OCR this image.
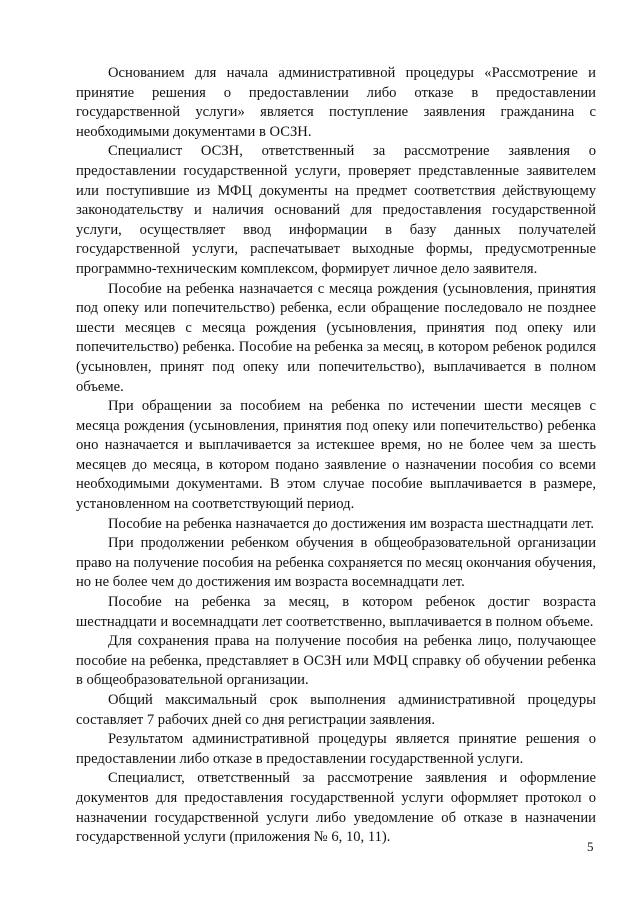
Основанием для начала административной процедуры «Рассмотрение и принятие решения о предоставлении либо отказе в предоставлении государственной услуги» является поступление заявления гражданина с необходимыми документами в ОСЗН.

Специалист ОСЗН, ответственный за рассмотрение заявления о предоставлении государственной услуги, проверяет представленные заявителем или поступившие из МФЦ документы на предмет соответствия действующему законодательству и наличия оснований для предоставления государственной услуги, осуществляет ввод информации в базу данных получателей государственной услуги, распечатывает выходные формы, предусмотренные программно-техническим комплексом, формирует личное дело заявителя.

Пособие на ребенка назначается с месяца рождения (усыновления, принятия под опеку или попечительство) ребенка, если обращение последовало не позднее шести месяцев с месяца рождения (усыновления, принятия под опеку или попечительство) ребенка. Пособие на ребенка за месяц, в котором ребенок родился (усыновлен, принят под опеку или попечительство), выплачивается в полном объеме.

При обращении за пособием на ребенка по истечении шести месяцев с месяца рождения (усыновления, принятия под опеку или попечительство) ребенка оно назначается и выплачивается за истекшее время, но не более чем за шесть месяцев до месяца, в котором подано заявление о назначении пособия со всеми необходимыми документами. В этом случае пособие выплачивается в размере, установленном на соответствующий период.

Пособие на ребенка назначается до достижения им возраста шестнадцати лет.

При продолжении ребенком обучения в общеобразовательной организации право на получение пособия на ребенка сохраняется по месяц окончания обучения, но не более чем до достижения им возраста восемнадцати лет.

Пособие на ребенка за месяц, в котором ребенок достиг возраста шестнадцати и восемнадцати лет соответственно, выплачивается в полном объеме.

Для сохранения права на получение пособия на ребенка лицо, получающее пособие на ребенка, представляет в ОСЗН или МФЦ справку об обучении ребенка в общеобразовательной организации.

Общий максимальный срок выполнения административной процедуры составляет 7 рабочих дней со дня регистрации заявления.

Результатом административной процедуры является принятие решения о предоставлении либо отказе в предоставлении государственной услуги.

Специалист, ответственный за рассмотрение заявления и оформление документов для предоставления государственной услуги оформляет протокол о назначении государственной услуги либо уведомление об отказе в назначении государственной услуги (приложения № 6, 10, 11).

5
